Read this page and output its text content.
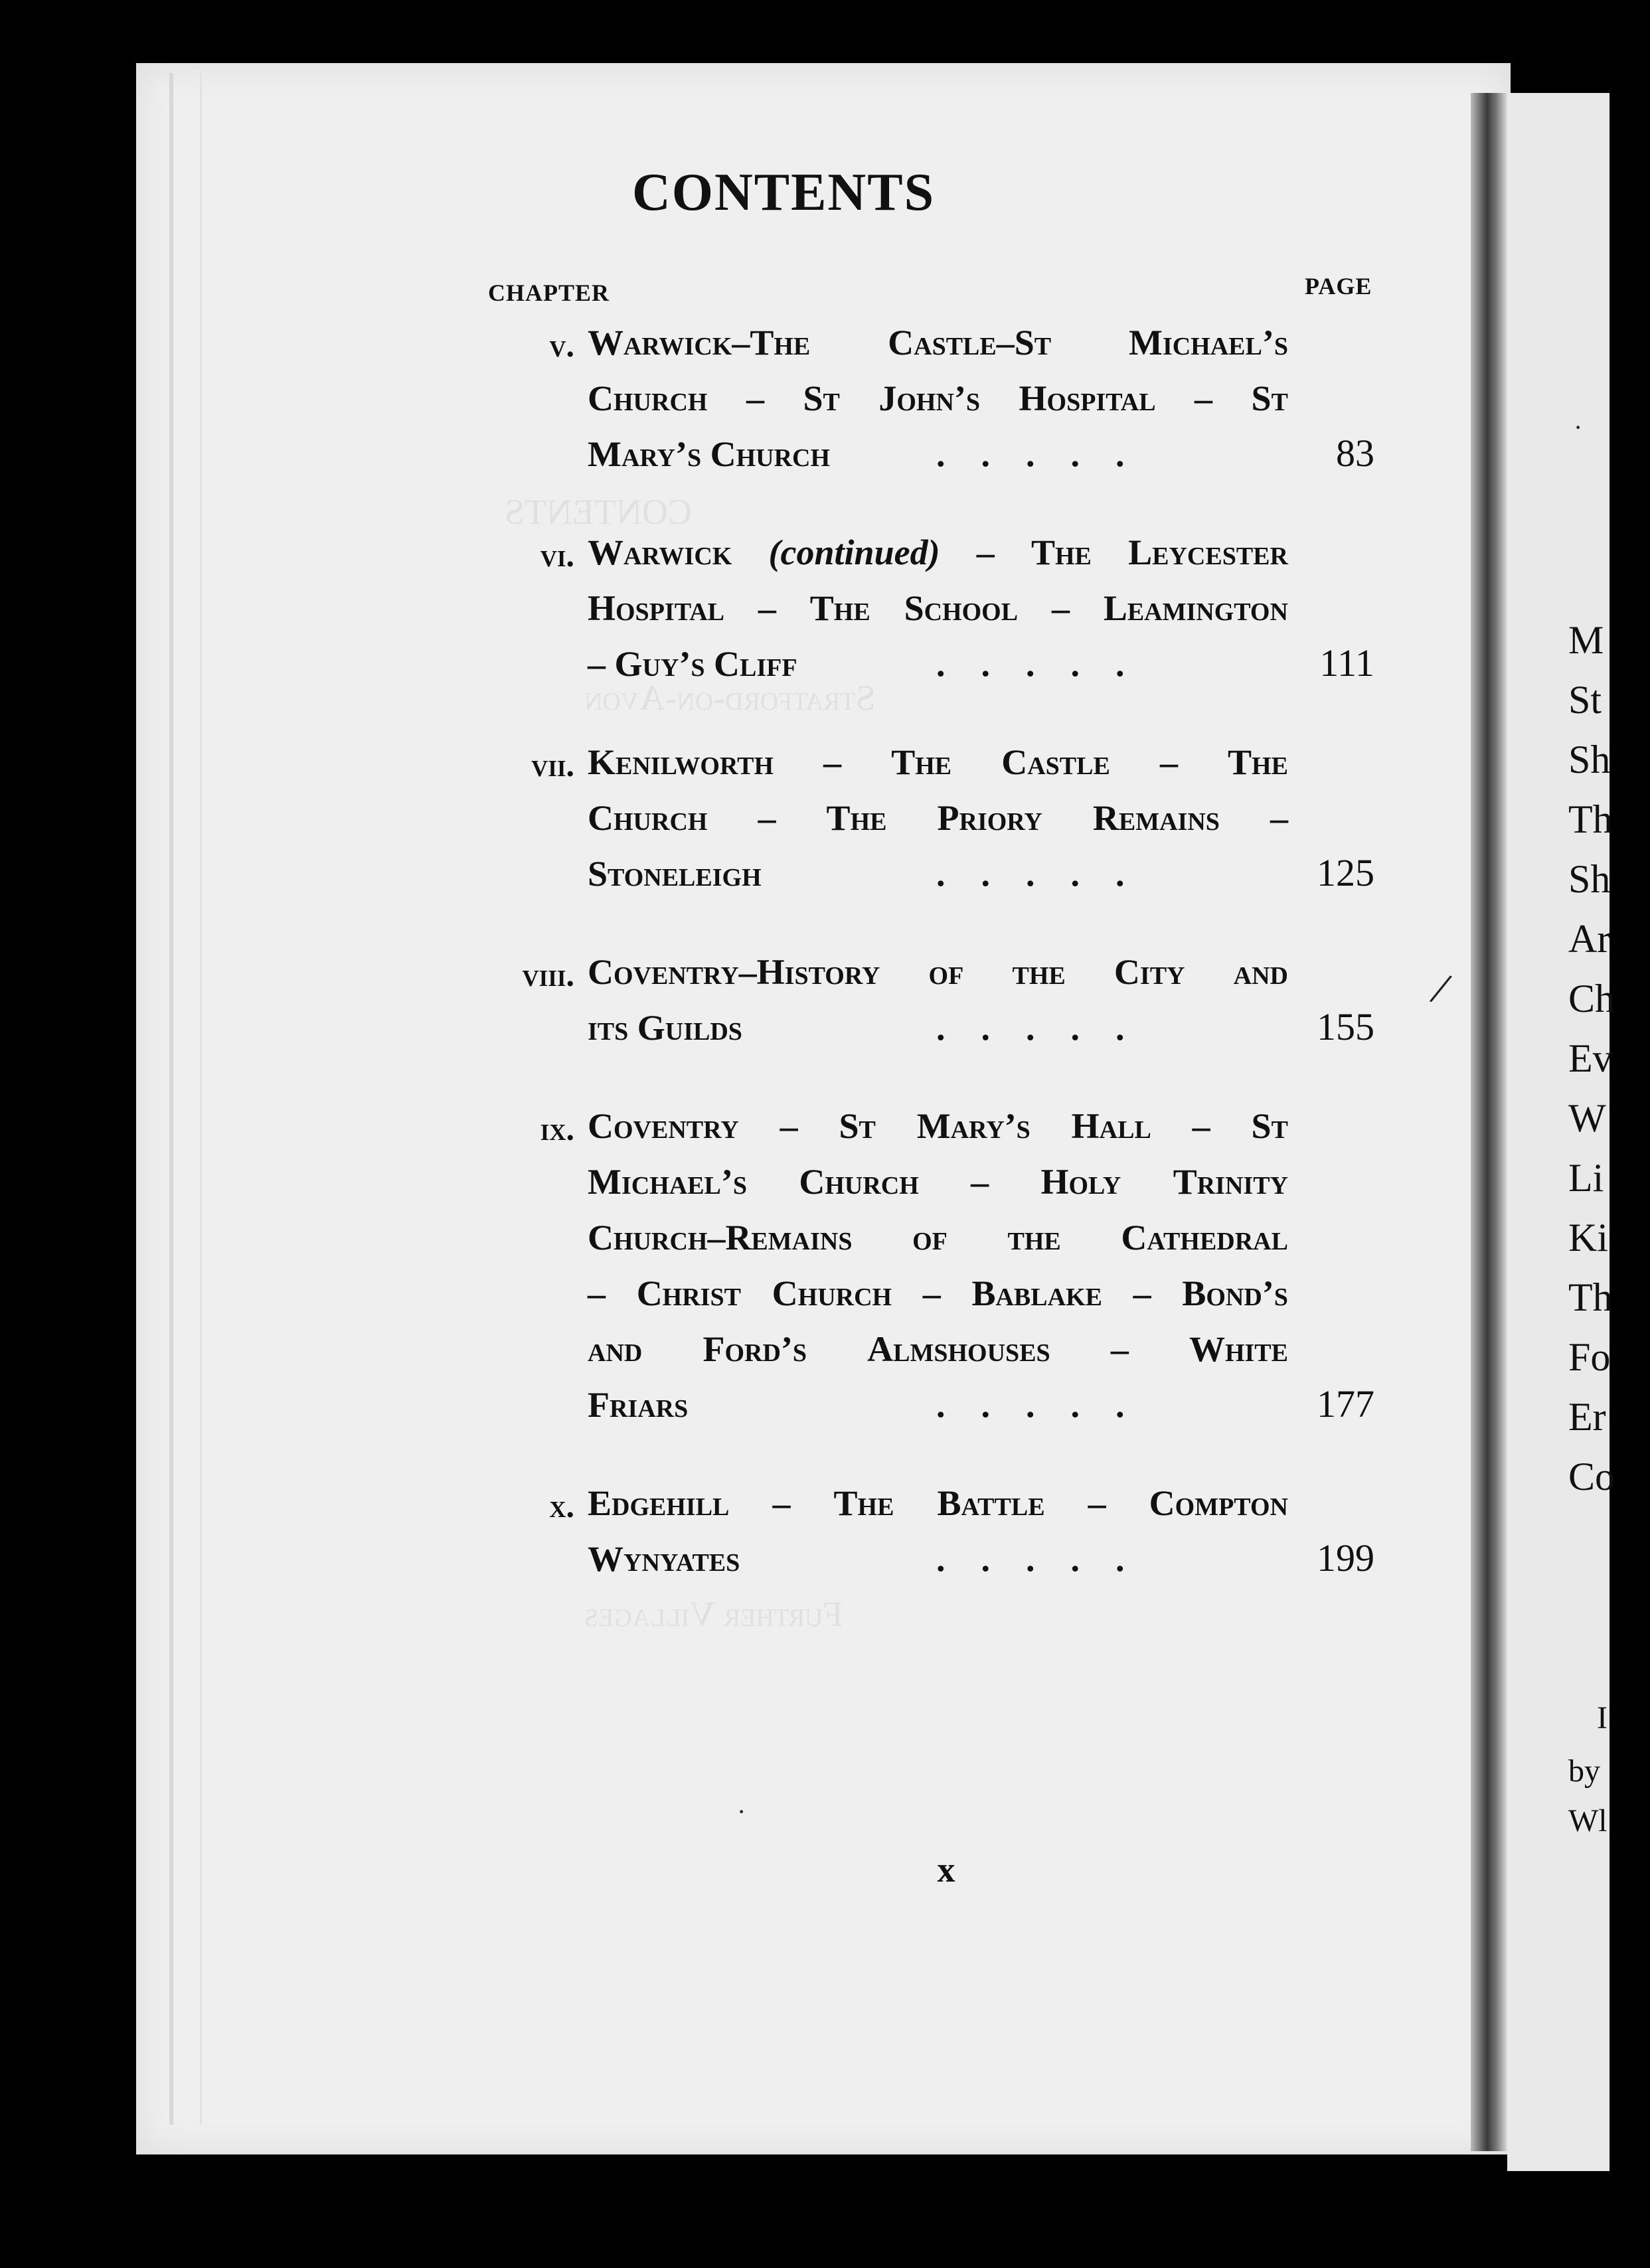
CONTENTS
Stratford-on-Avon
Further Villages
CONTENTS
CHAPTER	PAGE
v. Warwick–The Castle–St Michael’s
Church – St John’s Hospital – St
Mary’s Church	.    .    .    .    .	83
vi. Warwick (continued) – The Leycester
Hospital – The School – Leamington
– Guy’s Cliff	.    .    .    .    .	111
vii. Kenilworth – The Castle – The
Church – The Priory Remains –
Stoneleigh	.    .    .    .    .	125
viii. Coventry–History of the City and
its Guilds	.    .    .    .    .	155
ix. Coventry – St Mary’s Hall – St
Michael’s Church – Holy Trinity
Church–Remains of the Cathedral
– Christ Church – Bablake – Bond’s
and Ford’s Almshouses – White
Friars	.    .    .    .    .	177
x. Edgehill – The Battle – Compton
Wynyates	.    .    .    .    .	199
x
/
·
·
M
St
Sh
Th
Sh
Ar
Ch
Ev
W
Li
Ki
Th
Fo
Er
Co
I
by
Wl
